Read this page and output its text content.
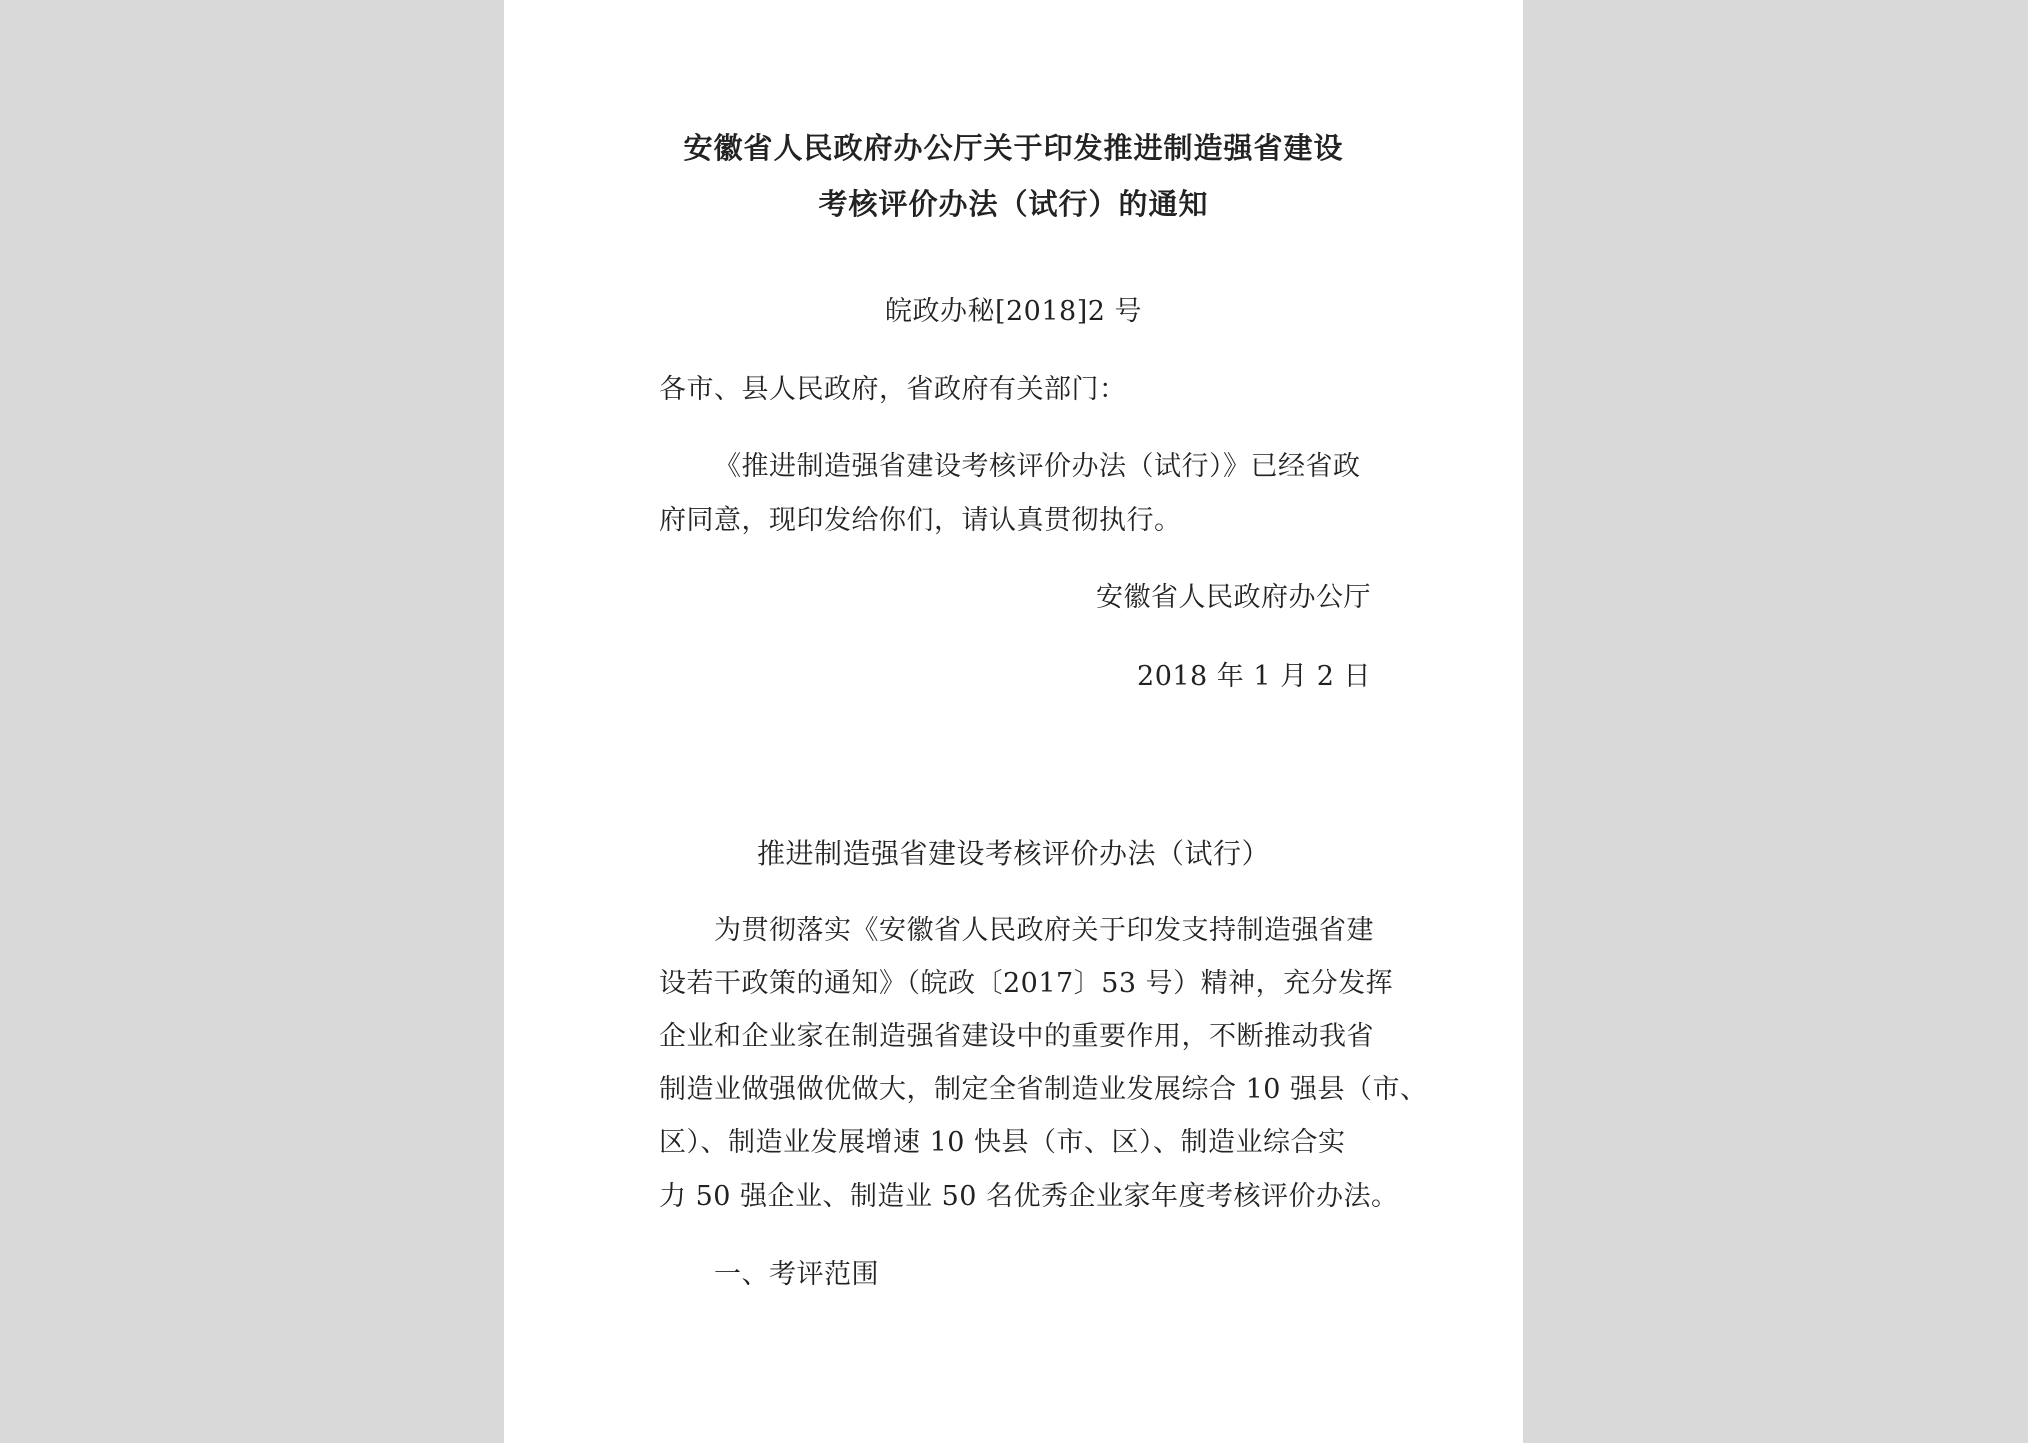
安徽省人民政府办公厅关于印发推进制造强省建设
考核评价办法（试行）的通知
皖政办秘[2018]2 号
各市、县人民政府，省政府有关部门：
《推进制造强省建设考核评价办法（试行）》已经省政
府同意，现印发给你们，请认真贯彻执行。
安徽省人民政府办公厅
2018 年 1 月 2 日
推进制造强省建设考核评价办法（试行）
为贯彻落实《安徽省人民政府关于印发支持制造强省建
设若干政策的通知》（皖政〔2017〕53 号）精神，充分发挥
企业和企业家在制造强省建设中的重要作用，不断推动我省
制造业做强做优做大，制定全省制造业发展综合 10 强县（市、
区）、制造业发展增速 10 快县（市、区）、制造业综合实
力 50 强企业、制造业 50 名优秀企业家年度考核评价办法。
一、考评范围
